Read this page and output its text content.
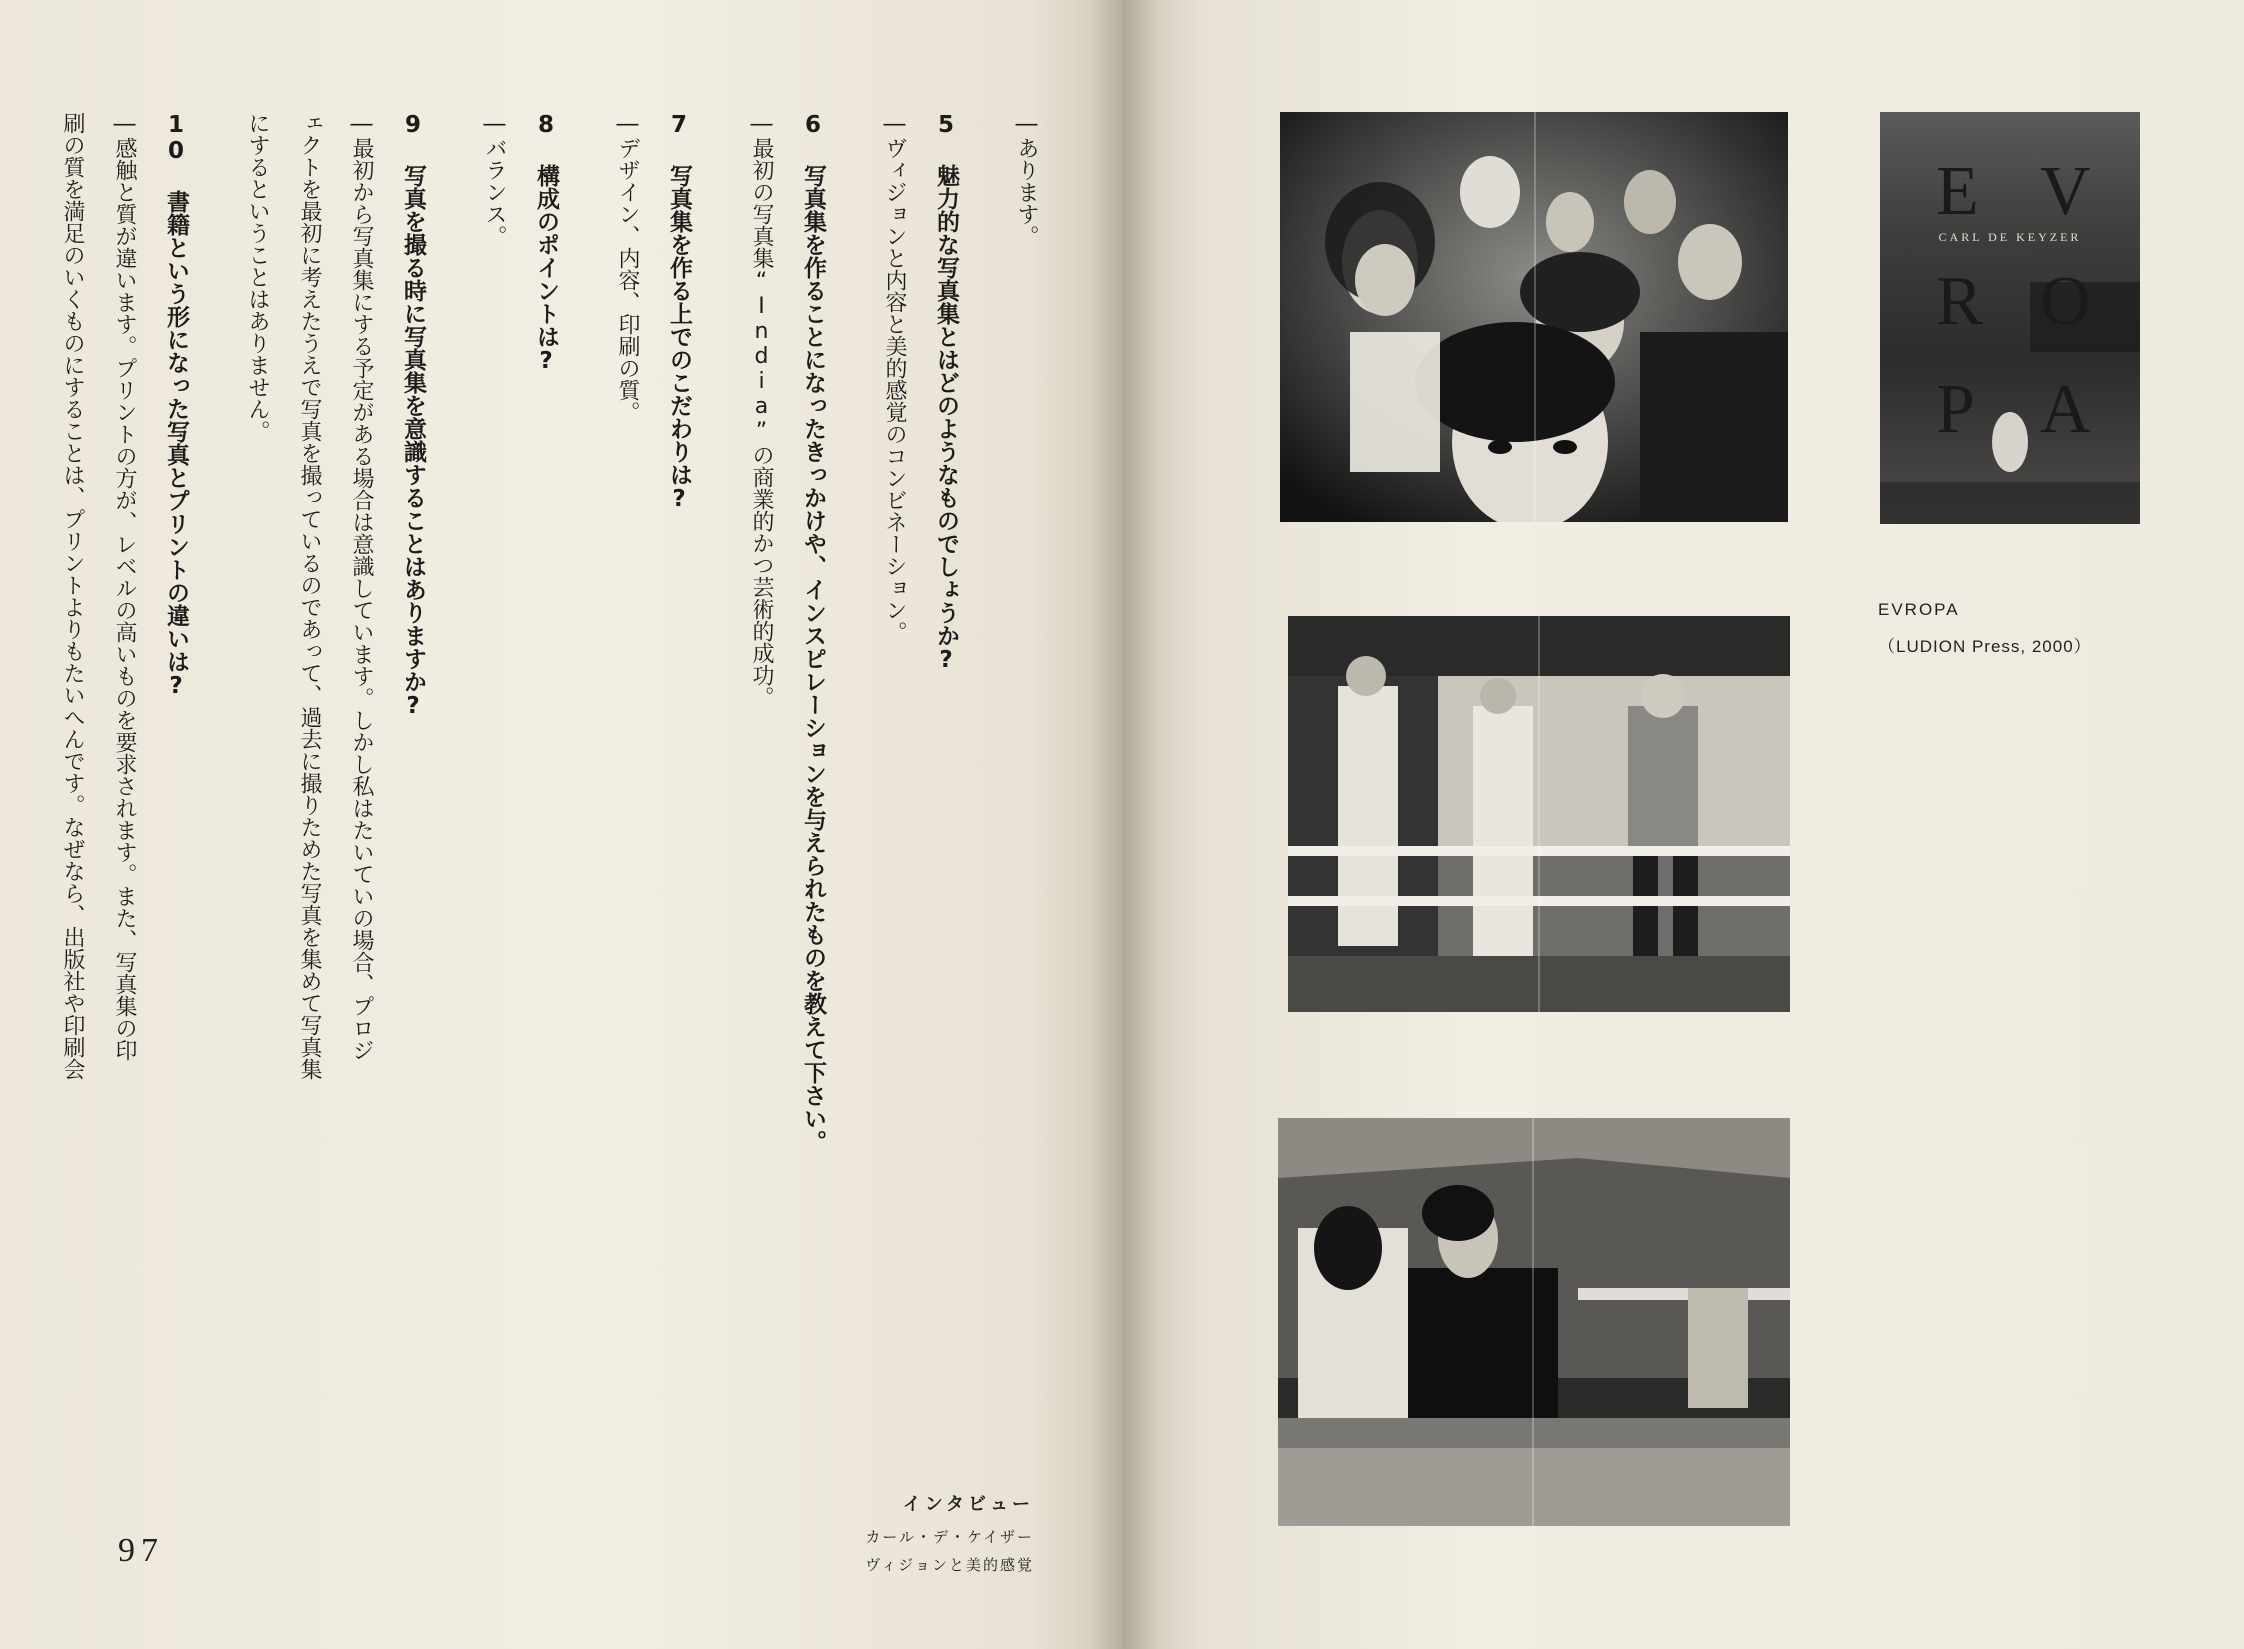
―あります。
5 魅力的な写真集とはどのようなものでしょうか?
―ヴィジョンと内容と美的感覚のコンビネーション。
6 写真集を作ることになったきっかけや、インスピレーションを与えられたものを教えて下さい。
―最初の写真集“India”の商業的かつ芸術的成功。
7 写真集を作る上でのこだわりは?
―デザイン、内容、印刷の質。
8 構成のポイントは?
―バランス。
9 写真を撮る時に写真集を意識することはありますか?
―最初から写真集にする予定がある場合は意識しています。しかし私はたいていの場合、プロジ
ェクトを最初に考えたうえで写真を撮っているのであって、過去に撮りためた写真を集めて写真集
にするということはありません。
10 書籍という形になった写真とプリントの違いは?
―感触と質が違います。プリントの方が、レベルの高いものを要求されます。また、写真集の印
刷の質を満足のいくものにすることは、プリントよりもたいへんです。なぜなら、出版社や印刷会
97
インタビュー
カール・デ・ケイザー
ヴィジョンと美的感覚
CARL DE KEYZER
E V
R O
P A
EVROPA
（LUDION Press, 2000）
